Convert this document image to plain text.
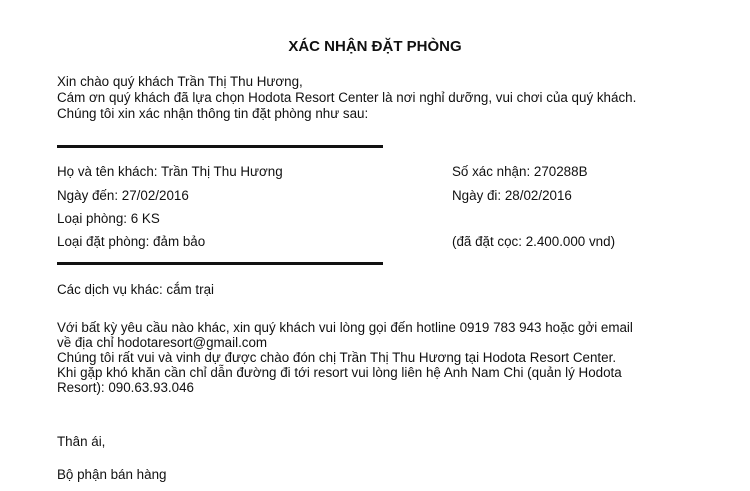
XÁC NHẬN ĐẶT PHÒNG
Xin chào quý khách Trần Thị Thu Hương,
Cám ơn quý khách đã lựa chọn Hodota Resort Center là nơi nghỉ dưỡng, vui chơi của quý khách.
Chúng tôi xin xác nhận thông tin đặt phòng như sau:
Họ và tên khách: Trần Thị Thu Hương	Số xác nhận: 270288B
Ngày đến: 27/02/2016	Ngày đi: 28/02/2016
Loại phòng: 6 KS
Loại đặt phòng: đảm bảo	(đã đặt cọc: 2.400.000 vnd)
Các dịch vụ khác: cắm trại
Với bất kỳ yêu cầu nào khác, xin quý khách vui lòng gọi đến hotline 0919 783 943 hoặc gởi email
về địa chỉ hodotaresort@gmail.com
Chúng tôi rất vui và vinh dự được chào đón chị Trần Thị Thu Hương tại Hodota Resort Center.
Khi gặp khó khăn cần chỉ dẫn đường đi tới resort vui lòng liên hệ Anh Nam Chi (quản lý Hodota
Resort): 090.63.93.046
Thân ái,
Bộ phận bán hàng
